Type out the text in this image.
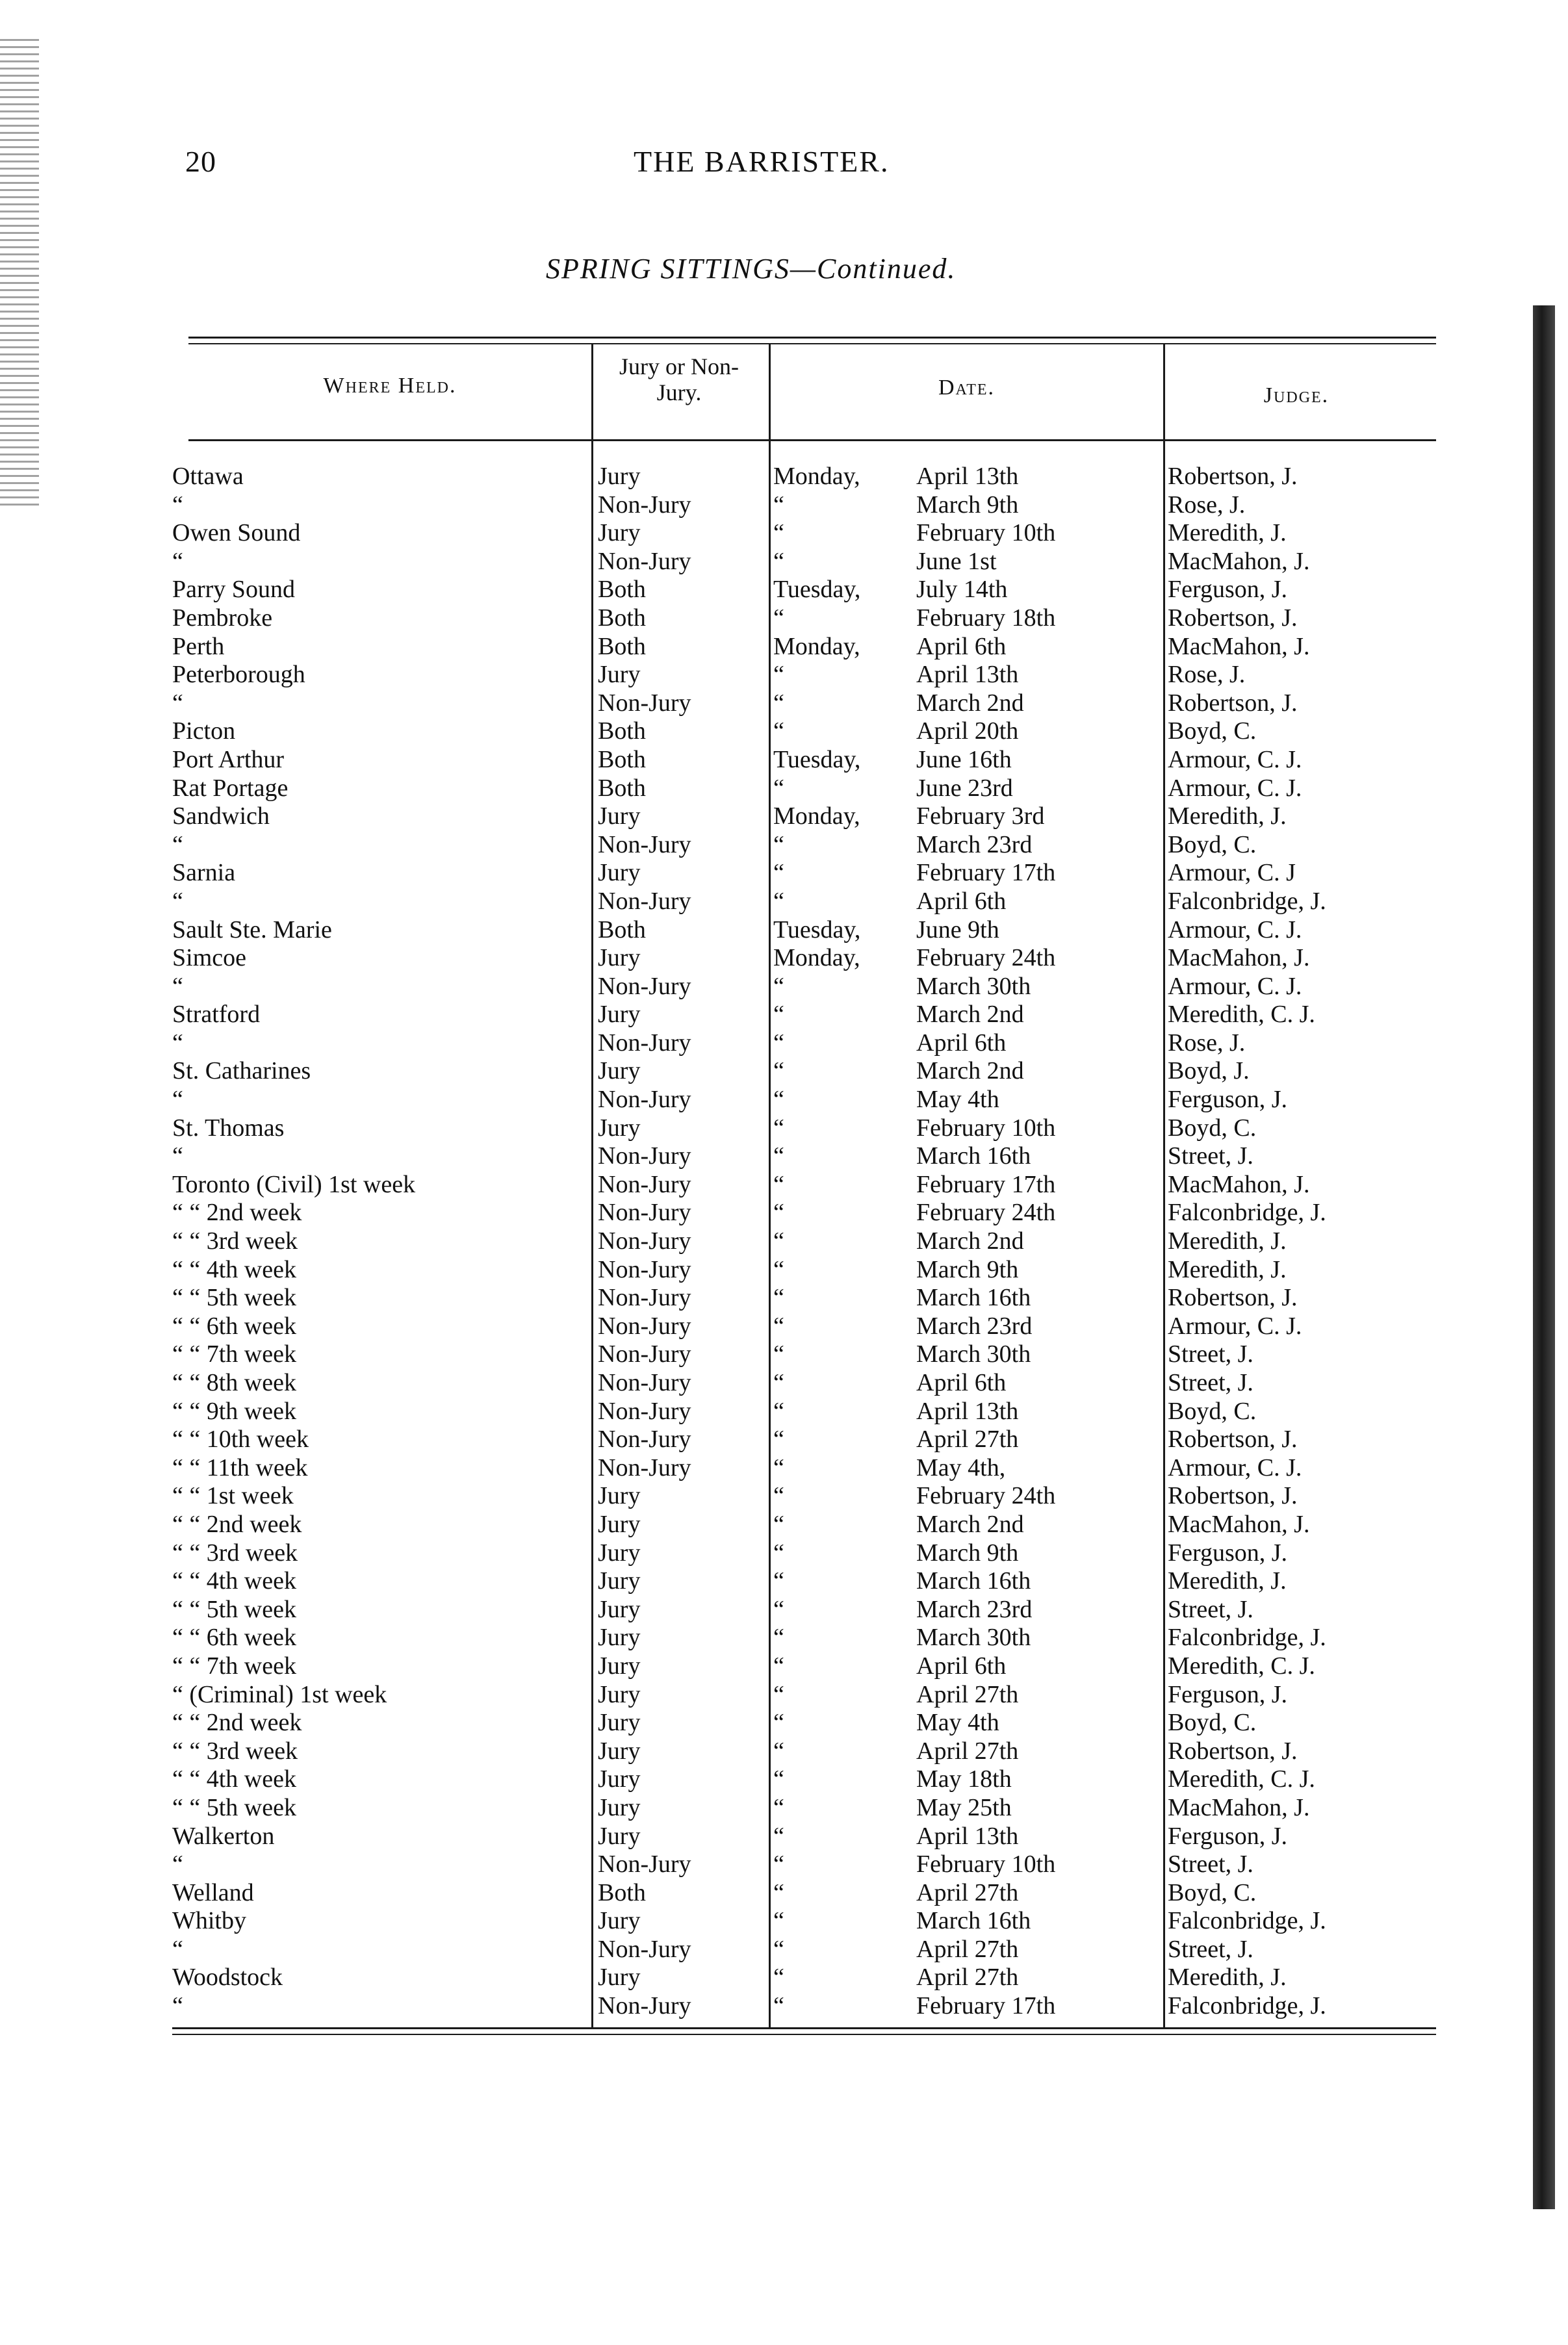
20	THE BARRISTER.
SPRING SITTINGS—Continued.
Where Held.
Jury or Non-Jury.	Date.	Judge.
Ottawa	Jury	Monday,	April 13th	Robertson, J.
“	Non-Jury	“	March 9th	Rose, J.
Owen Sound	Jury	“	February 10th	Meredith, J.
“	Non-Jury	“	June 1st	MacMahon, J.
Parry Sound	Both	Tuesday,	July 14th	Ferguson, J.
Pembroke	Both	“	February 18th	Robertson, J.
Perth	Both	Monday,	April 6th	MacMahon, J.
Peterborough	Jury	“	April 13th	Rose, J.
“	Non-Jury	“	March 2nd	Robertson, J.
Picton	Both	“	April 20th	Boyd, C.
Port Arthur	Both	Tuesday,	June 16th	Armour, C. J.
Rat Portage	Both	“	June 23rd	Armour, C. J.
Sandwich	Jury	Monday,	February 3rd	Meredith, J.
“	Non-Jury	“	March 23rd	Boyd, C.
Sarnia	Jury	“	February 17th	Armour, C. J
“	Non-Jury	“	April 6th	Falconbridge, J.
Sault Ste. Marie	Both	Tuesday,	June 9th	Armour, C. J.
Simcoe	Jury	Monday,	February 24th	MacMahon, J.
“	Non-Jury	“	March 30th	Armour, C. J.
Stratford	Jury	“	March 2nd	Meredith, C. J.
“	Non-Jury	“	April 6th	Rose, J.
St. Catharines	Jury	“	March 2nd	Boyd, J.
“	Non-Jury	“	May 4th	Ferguson, J.
St. Thomas	Jury	“	February 10th	Boyd, C.
“	Non-Jury	“	March 16th	Street, J.
Toronto (Civil) 1st week	Non-Jury	“	February 17th	MacMahon, J.
“ “ 2nd week	Non-Jury	“	February 24th	Falconbridge, J.
“ “ 3rd week	Non-Jury	“	March 2nd	Meredith, J.
“ “ 4th week	Non-Jury	“	March 9th	Meredith, J.
“ “ 5th week	Non-Jury	“	March 16th	Robertson, J.
“ “ 6th week	Non-Jury	“	March 23rd	Armour, C. J.
“ “ 7th week	Non-Jury	“	March 30th	Street, J.
“ “ 8th week	Non-Jury	“	April 6th	Street, J.
“ “ 9th week	Non-Jury	“	April 13th	Boyd, C.
“ “ 10th week	Non-Jury	“	April 27th	Robertson, J.
“ “ 11th week	Non-Jury	“	May 4th,	Armour, C. J.
“ “ 1st week	Jury	“	February 24th	Robertson, J.
“ “ 2nd week	Jury	“	March 2nd	MacMahon, J.
“ “ 3rd week	Jury	“	March 9th	Ferguson, J.
“ “ 4th week	Jury	“	March 16th	Meredith, J.
“ “ 5th week	Jury	“	March 23rd	Street, J.
“ “ 6th week	Jury	“	March 30th	Falconbridge, J.
“ “ 7th week	Jury	“	April 6th	Meredith, C. J.
“ (Criminal) 1st week	Jury	“	April 27th	Ferguson, J.
“ “ 2nd week	Jury	“	May 4th	Boyd, C.
“ “ 3rd week	Jury	“	April 27th	Robertson, J.
“ “ 4th week	Jury	“	May 18th	Meredith, C. J.
“ “ 5th week	Jury	“	May 25th	MacMahon, J.
Walkerton	Jury	“	April 13th	Ferguson, J.
“	Non-Jury	“	February 10th	Street, J.
Welland	Both	“	April 27th	Boyd, C.
Whitby	Jury	“	March 16th	Falconbridge, J.
“	Non-Jury	“	April 27th	Street, J.
Woodstock	Jury	“	April 27th	Meredith, J.
“	Non-Jury	“	February 17th	Falconbridge, J.
